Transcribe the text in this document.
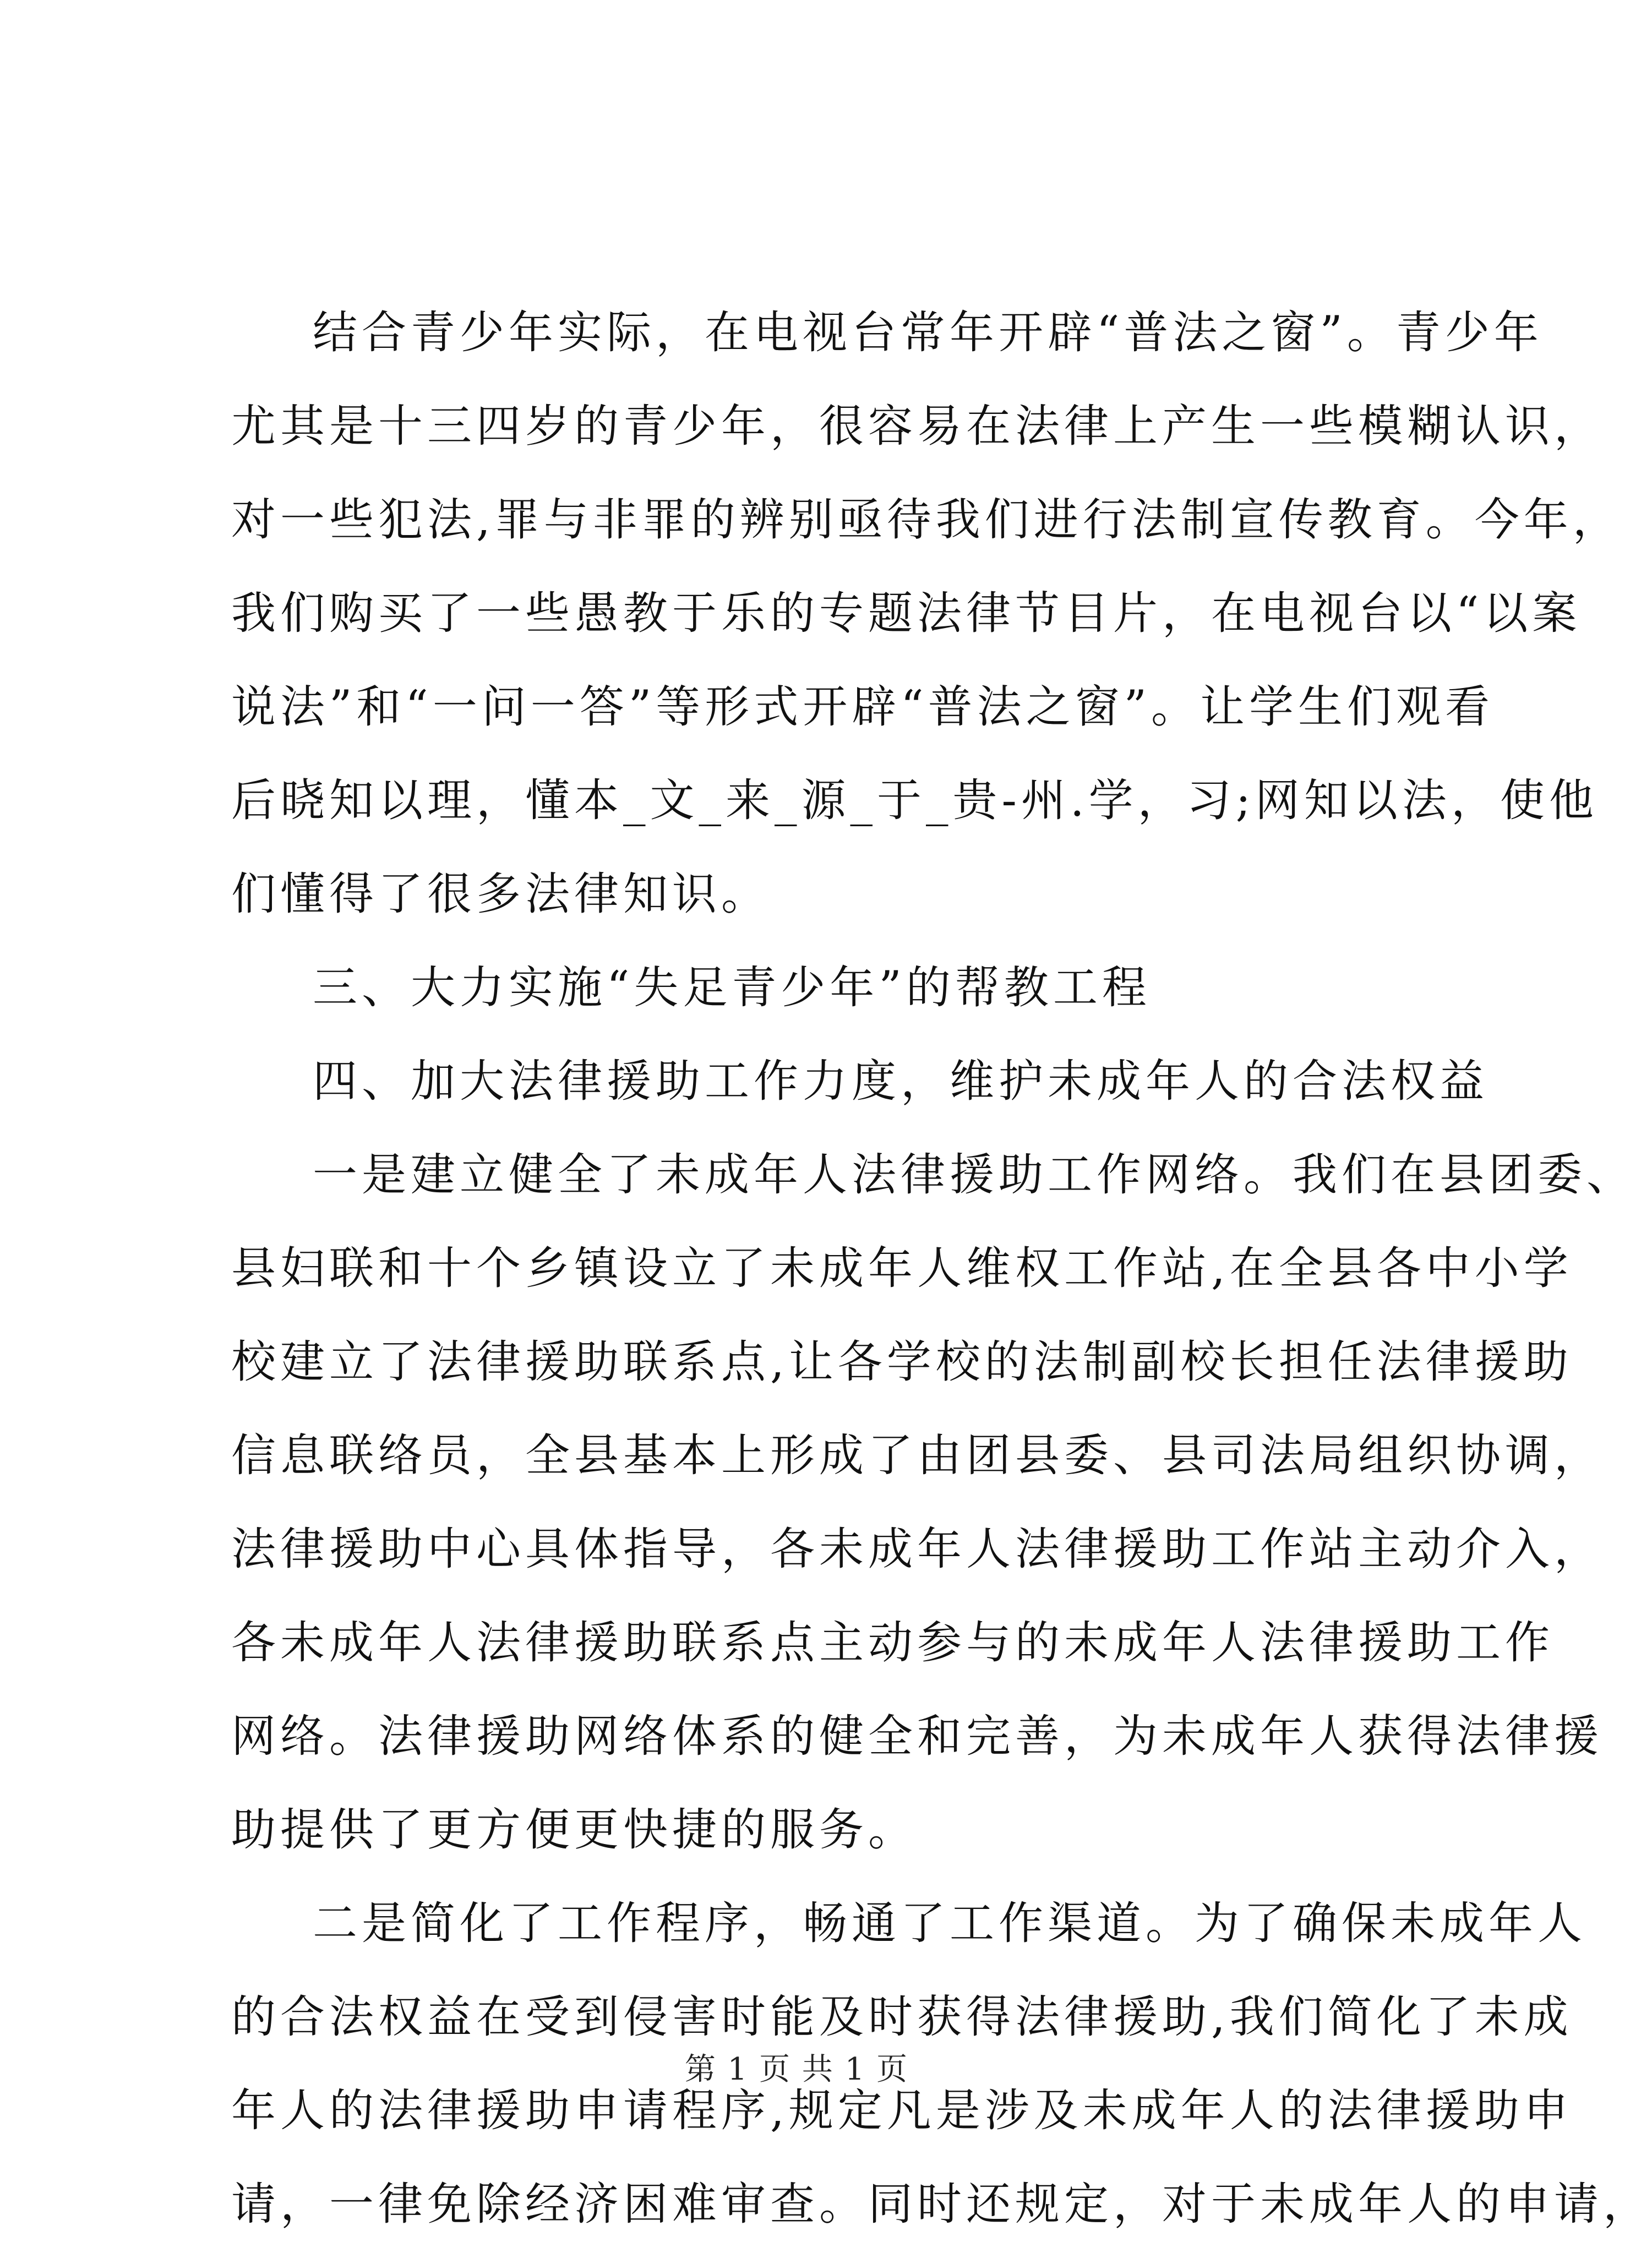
结合青少年实际，在电视台常年开辟“普法之窗”。青少年
尤其是十三四岁的青少年，很容易在法律上产生一些模糊认识，
对一些犯法,罪与非罪的辨别亟待我们进行法制宣传教育。今年，
我们购买了一些愚教于乐的专题法律节目片，在电视台以“以案
说法”和“一问一答”等形式开辟“普法之窗”。让学生们观看
后晓知以理，懂本_文_来_源_于_贵-州.学，习;网知以法，使他
们懂得了很多法律知识。
三、大力实施“失足青少年”的帮教工程
四、加大法律援助工作力度，维护未成年人的合法权益
一是建立健全了未成年人法律援助工作网络。我们在县团委、
县妇联和十个乡镇设立了未成年人维权工作站,在全县各中小学
校建立了法律援助联系点,让各学校的法制副校长担任法律援助
信息联络员，全县基本上形成了由团县委、县司法局组织协调，
法律援助中心具体指导，各未成年人法律援助工作站主动介入，
各未成年人法律援助联系点主动参与的未成年人法律援助工作
网络。法律援助网络体系的健全和完善，为未成年人获得法律援
助提供了更方便更快捷的服务。
二是简化了工作程序，畅通了工作渠道。为了确保未成年人
的合法权益在受到侵害时能及时获得法律援助,我们简化了未成
年人的法律援助申请程序,规定凡是涉及未成年人的法律援助申
请，一律免除经济困难审查。同时还规定，对于未成年人的申请，
第 1 页 共 1 页
